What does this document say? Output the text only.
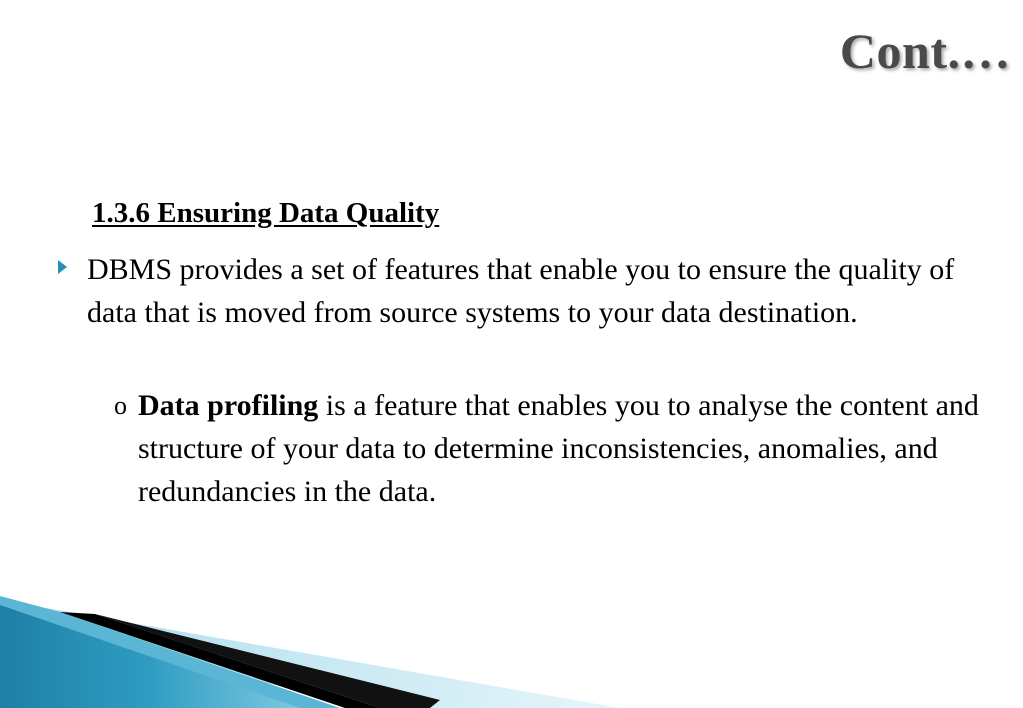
Cont.…
1.3.6 Ensuring Data Quality
DBMS provides a set of features that enable you to ensure the quality of data that is moved from source systems to your data destination.
o Data profiling is a feature that enables you to analyse the content and structure of your data to determine inconsistencies, anomalies, and redundancies in the data.
